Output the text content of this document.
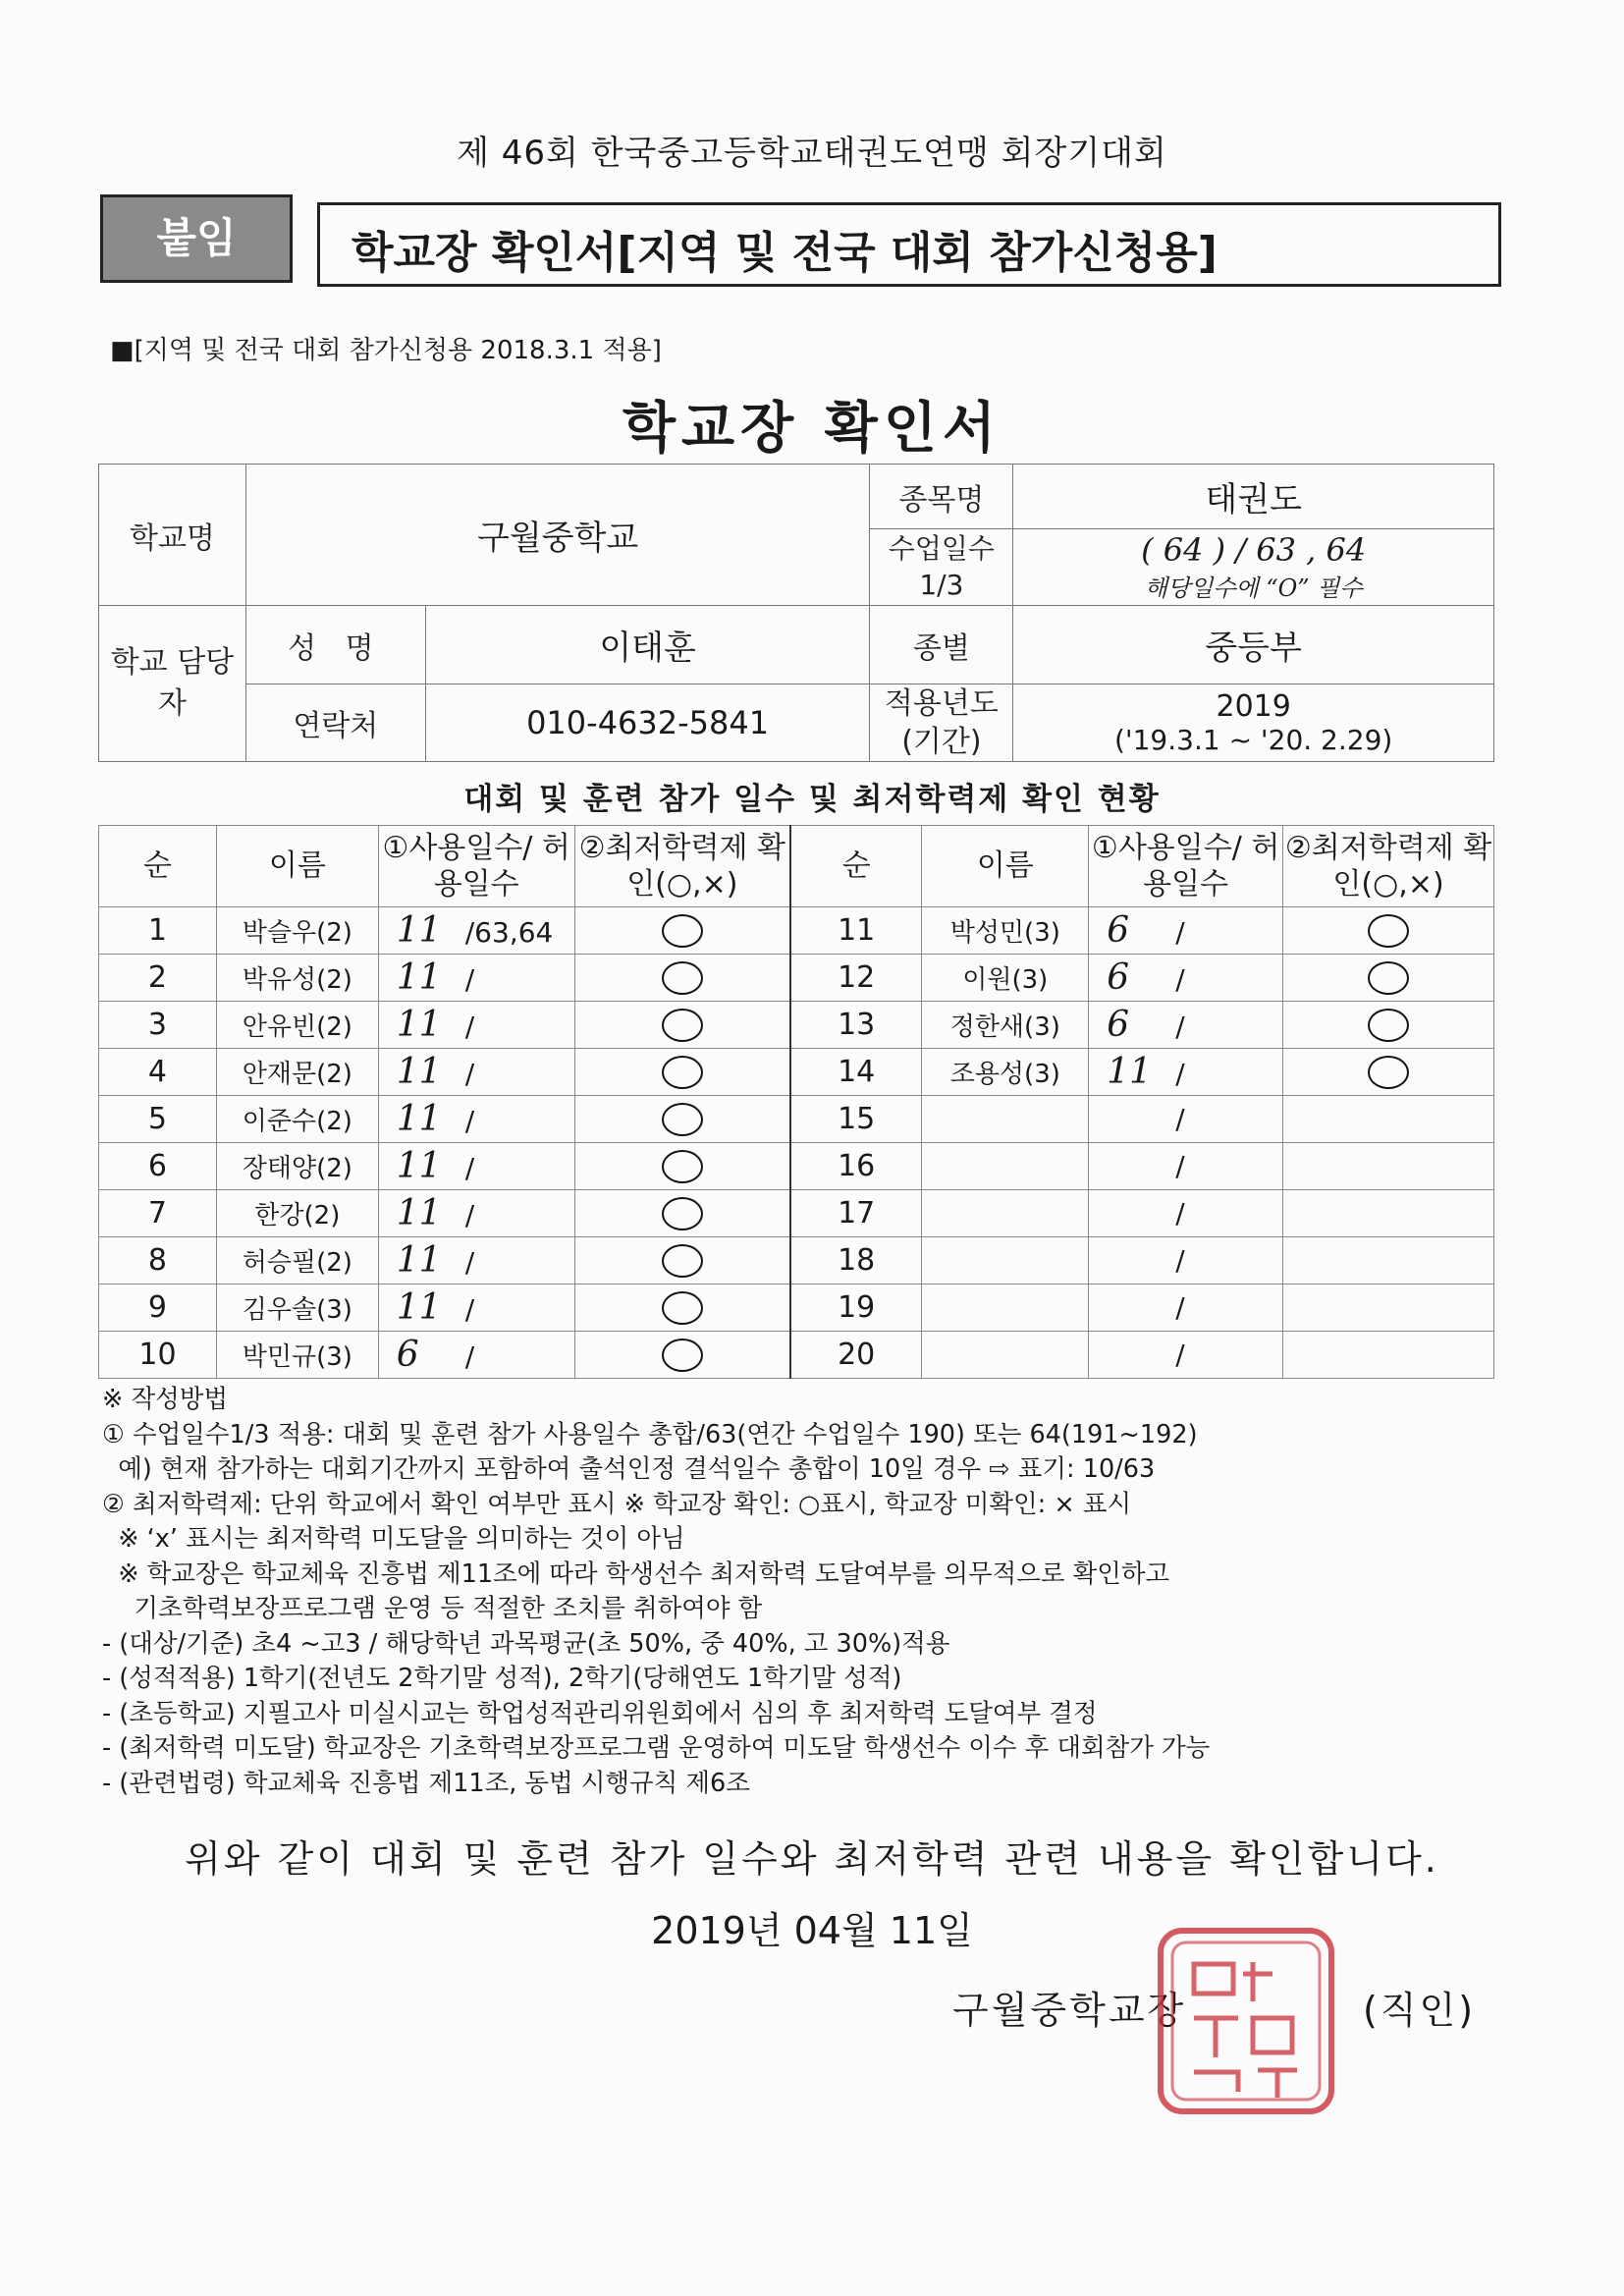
제 46회 한국중고등학교태권도연맹 회장기대회
붙임	학교장 확인서[지역 및 전국 대회 참가신청용]
■[지역 및 전국 대회 참가신청용 2018.3.1 적용]
학교장 확인서
학교명	구월중학교		종목명	태권도
			수업일수 1/3	( 64 ) / 63 , 64
해당일수에 “O” 필수

학교 담당자	성 명	이태훈	종별	중등부
	연락처	010-4632-5841	적용년도 (기간)	2019
('19.3.1 ~ '20. 2.29)
대회 및 훈련 참가 일수 및 최저학력제 확인 현황
순	이름	①사용일수/ 허용일수	②최저학력제 확인(○,×)	순	이름	①사용일수/ 허용일수	②최저학력제 확인(○,×)
1	박슬우(2)	11 /63,64		11	박성민(3)	6 /	
2	박유성(2)	11 /		12	이원(3)	6 /	
3	안유빈(2)	11 /		13	정한새(3)	6 /	
4	안재문(2)	11 /		14	조용성(3)	11 /	
5	이준수(2)	11 /		15		/	
6	장태양(2)	11 /		16		/	
7	한강(2)	11 /		17		/	
8	허승필(2)	11 /		18		/	
9	김우솔(3)	11 /		19		/	
10	박민규(3)	6 /		20		/	
※ 작성방법
① 수업일수1/3 적용: 대회 및 훈련 참가 사용일수 총합/63(연간 수업일수 190) 또는 64(191~192)
예) 현재 참가하는 대회기간까지 포함하여 출석인정 결석일수 총합이 10일 경우 ⇨ 표기: 10/63
② 최저학력제: 단위 학교에서 확인 여부만 표시 ※ 학교장 확인: ○표시, 학교장 미확인: × 표시
※ ‘x’ 표시는 최저학력 미도달을 의미하는 것이 아님
※ 학교장은 학교체육 진흥법 제11조에 따라 학생선수 최저학력 도달여부를 의무적으로 확인하고
기초학력보장프로그램 운영 등 적절한 조치를 취하여야 함
- (대상/기준) 초4 ~고3 / 해당학년 과목평균(초 50%, 중 40%, 고 30%)적용
- (성적적용) 1학기(전년도 2학기말 성적), 2학기(당해연도 1학기말 성적)
- (초등학교) 지필고사 미실시교는 학업성적관리위원회에서 심의 후 최저학력 도달여부 결정
- (최저학력 미도달) 학교장은 기초학력보장프로그램 운영하여 미도달 학생선수 이수 후 대회참가 가능
- (관련법령) 학교체육 진흥법 제11조, 동법 시행규칙 제6조
위와 같이 대회 및 훈련 참가 일수와 최저학력 관련 내용을 확인합니다.
2019년 04월 11일
구월중학교장	(직인)
